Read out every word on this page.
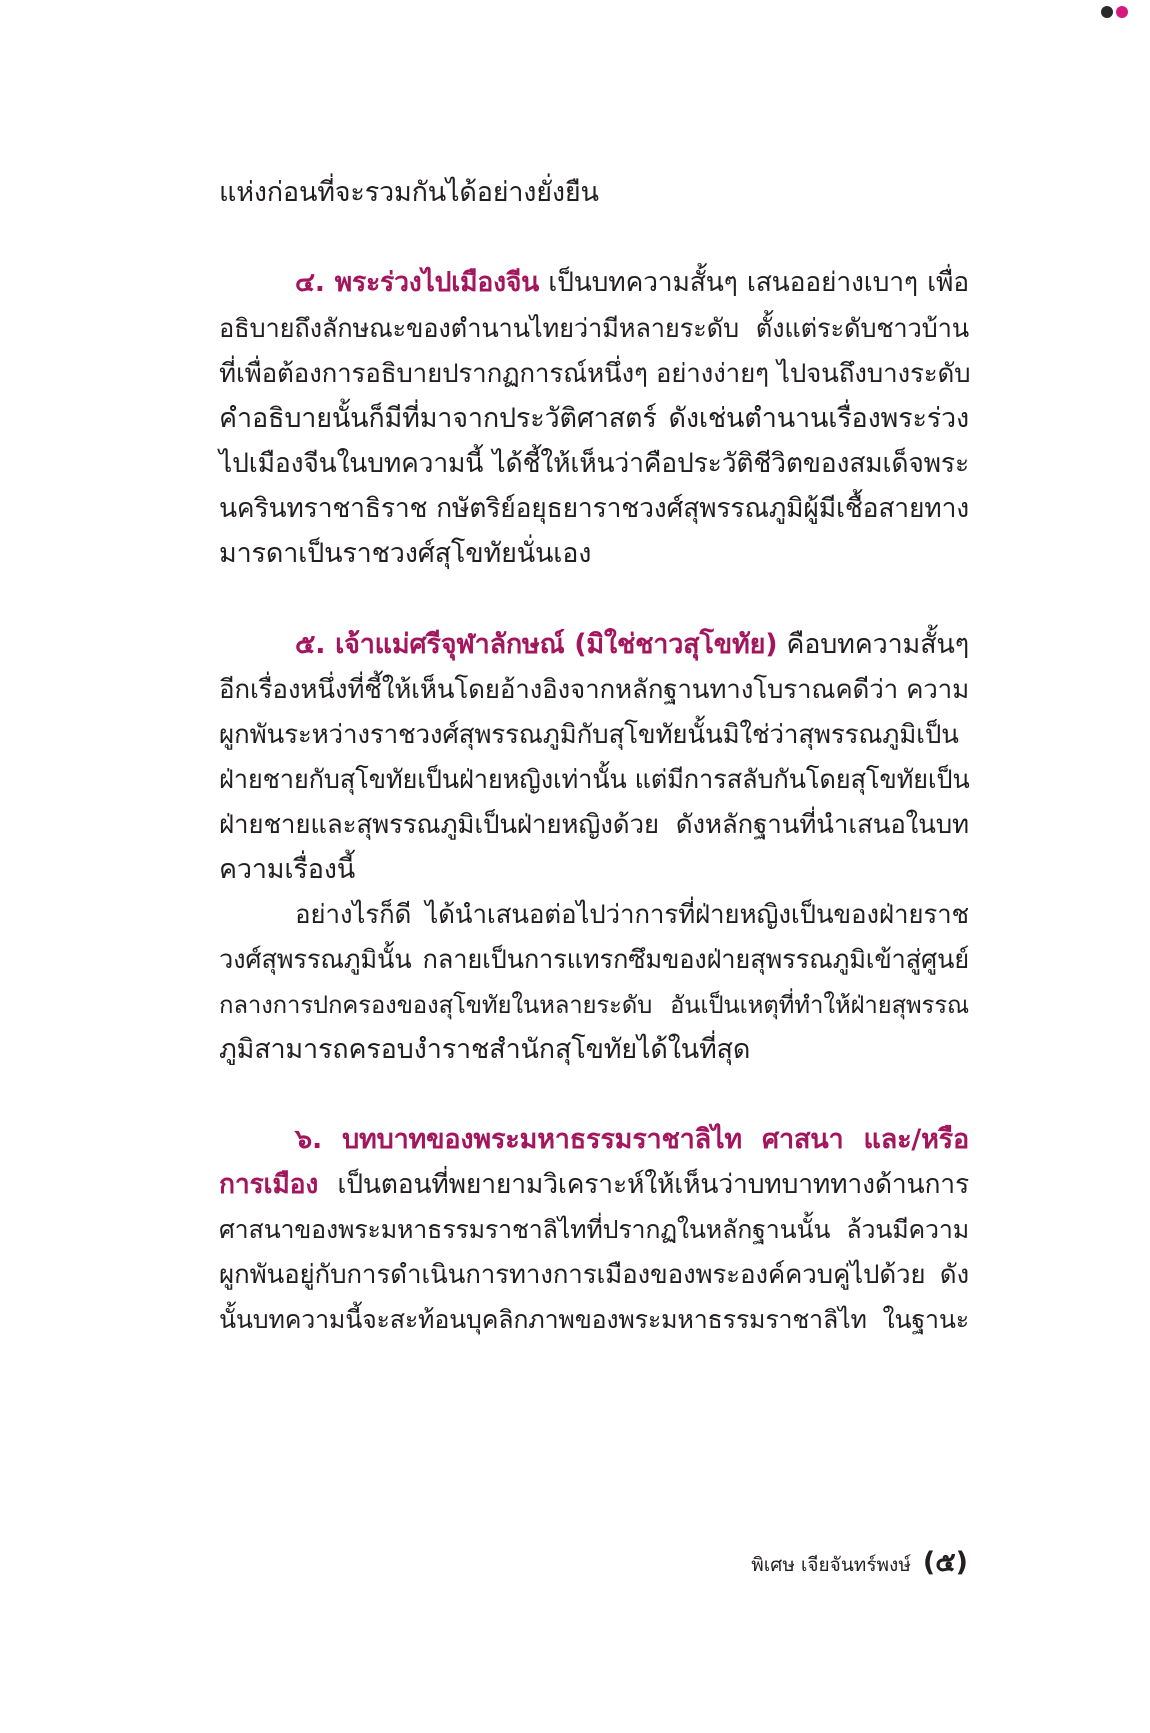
แห่งก่อนที่จะรวมกันได้อย่างยั่งยืน
๔. พระร่วงไปเมืองจีน เป็นบทความสั้นๆ เสนออย่างเบาๆ เพื่อ
อธิบายถึงลักษณะของตำนานไทยว่ามีหลายระดับ ตั้งแต่ระดับชาวบ้าน
ที่เพื่อต้องการอธิบายปรากฏการณ์หนึ่งๆ อย่างง่ายๆ ไปจนถึงบางระดับ
คำอธิบายนั้นก็มีที่มาจากประวัติศาสตร์ ดังเช่นตำนานเรื่องพระร่วง
ไปเมืองจีนในบทความนี้ ได้ชี้ให้เห็นว่าคือประวัติชีวิตของสมเด็จพระ
นครินทราชาธิราช กษัตริย์อยุธยาราชวงศ์สุพรรณภูมิผู้มีเชื้อสายทาง
มารดาเป็นราชวงศ์สุโขทัยนั่นเอง
๕. เจ้าแม่ศรีจุฬาลักษณ์ (มิใช่ชาวสุโขทัย) คือบทความสั้นๆ
อีกเรื่องหนึ่งที่ชี้ให้เห็นโดยอ้างอิงจากหลักฐานทางโบราณคดีว่า ความ
ผูกพันระหว่างราชวงศ์สุพรรณภูมิกับสุโขทัยนั้นมิใช่ว่าสุพรรณภูมิเป็น
ฝ่ายชายกับสุโขทัยเป็นฝ่ายหญิงเท่านั้น แต่มีการสลับกันโดยสุโขทัยเป็น
ฝ่ายชายและสุพรรณภูมิเป็นฝ่ายหญิงด้วย ดังหลักฐานที่นำเสนอในบท
ความเรื่องนี้
อย่างไรก็ดี ได้นำเสนอต่อไปว่าการที่ฝ่ายหญิงเป็นของฝ่ายราช
วงศ์สุพรรณภูมินั้น กลายเป็นการแทรกซึมของฝ่ายสุพรรณภูมิเข้าสู่ศูนย์
กลางการปกครองของสุโขทัยในหลายระดับ อันเป็นเหตุที่ทำให้ฝ่ายสุพรรณ
ภูมิสามารถครอบงำราชสำนักสุโขทัยได้ในที่สุด
๖. บทบาทของพระมหาธรรมราชาลิไท ศาสนา และ/หรือ
การเมือง เป็นตอนที่พยายามวิเคราะห์ให้เห็นว่าบทบาททางด้านการ
ศาสนาของพระมหาธรรมราชาลิไทที่ปรากฏในหลักฐานนั้น ล้วนมีความ
ผูกพันอยู่กับการดำเนินการทางการเมืองของพระองค์ควบคู่ไปด้วย ดัง
นั้นบทความนี้จะสะท้อนบุคลิกภาพของพระมหาธรรมราชาลิไท ในฐานะ
พิเศษ เจียจันทร์พงษ์ (๕)
